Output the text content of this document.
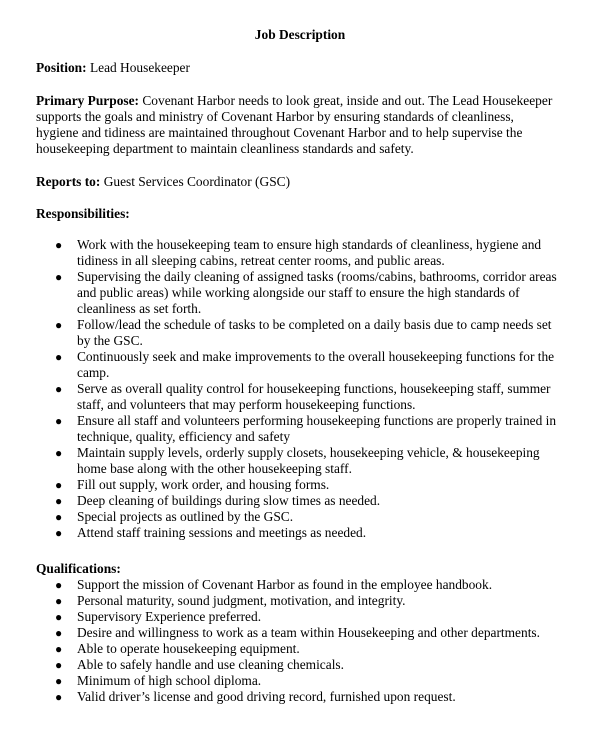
Job Description
Position: Lead Housekeeper
Primary Purpose: Covenant Harbor needs to look great, inside and out. The Lead Housekeeper
supports the goals and ministry of Covenant Harbor by ensuring standards of cleanliness,
hygiene and tidiness are maintained throughout Covenant Harbor and to help supervise the
housekeeping department to maintain cleanliness standards and safety.
Reports to: Guest Services Coordinator (GSC)
Responsibilities:
● Work with the housekeeping team to ensure high standards of cleanliness, hygiene and
tidiness in all sleeping cabins, retreat center rooms, and public areas.
● Supervising the daily cleaning of assigned tasks (rooms/cabins, bathrooms, corridor areas
and public areas) while working alongside our staff to ensure the high standards of
cleanliness as set forth.
● Follow/lead the schedule of tasks to be completed on a daily basis due to camp needs set
by the GSC.
● Continuously seek and make improvements to the overall housekeeping functions for the
camp.
● Serve as overall quality control for housekeeping functions, housekeeping staff, summer
staff, and volunteers that may perform housekeeping functions.
● Ensure all staff and volunteers performing housekeeping functions are properly trained in
technique, quality, efficiency and safety
● Maintain supply levels, orderly supply closets, housekeeping vehicle, & housekeeping
home base along with the other housekeeping staff.
● Fill out supply, work order, and housing forms.
● Deep cleaning of buildings during slow times as needed.
● Special projects as outlined by the GSC.
● Attend staff training sessions and meetings as needed.
Qualifications:
● Support the mission of Covenant Harbor as found in the employee handbook.
● Personal maturity, sound judgment, motivation, and integrity.
● Supervisory Experience preferred.
● Desire and willingness to work as a team within Housekeeping and other departments.
● Able to operate housekeeping equipment.
● Able to safely handle and use cleaning chemicals.
● Minimum of high school diploma.
● Valid driver’s license and good driving record, furnished upon request.
